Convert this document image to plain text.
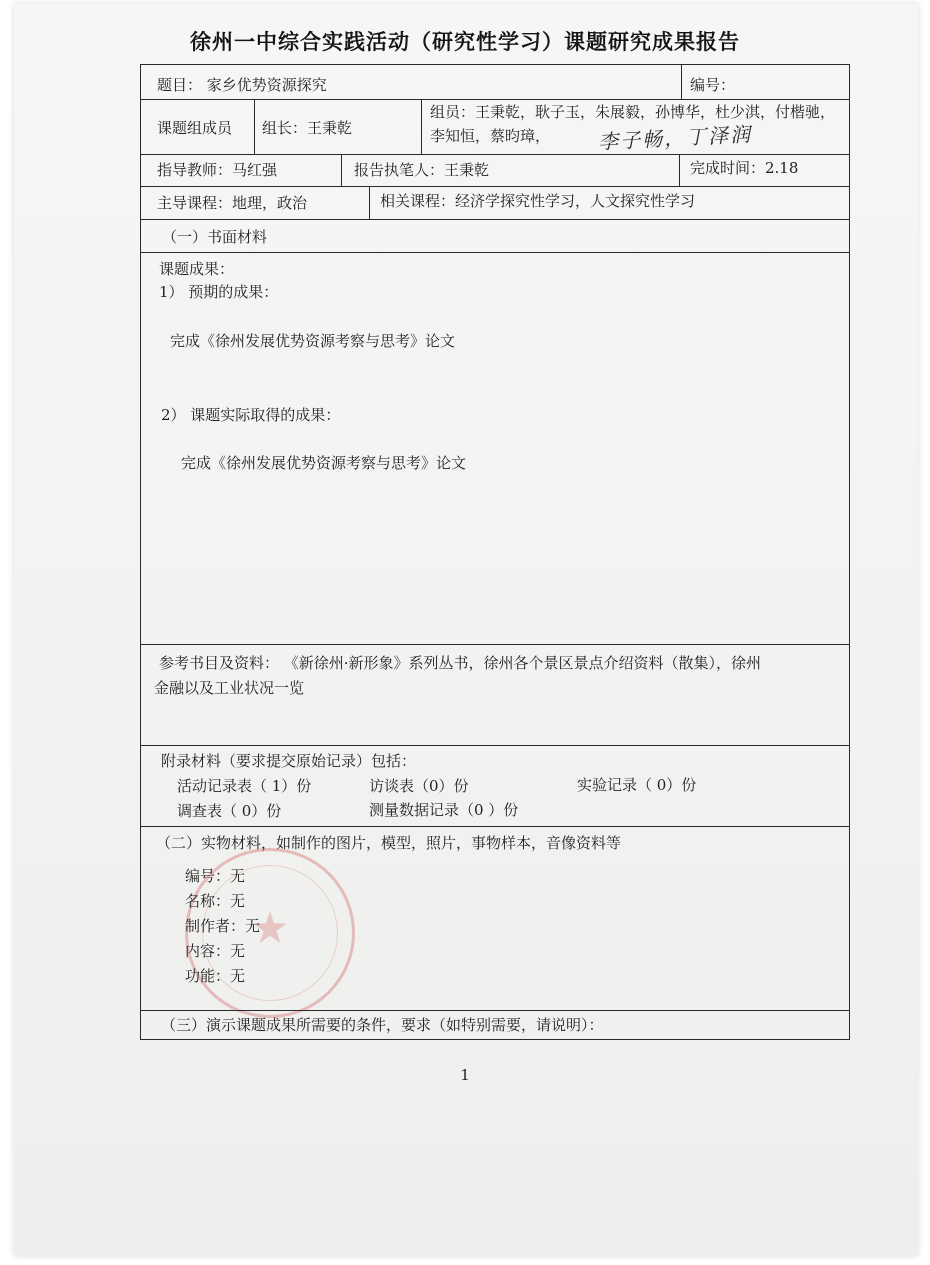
徐州一中综合实践活动（研究性学习）课题研究成果报告
★
题目： 家乡优势资源探究	编号：
课题组成员 组长：王秉乾
组员：王秉乾，耿子玉，朱展毅，孙博华，杜少淇，付楷驰，李知恒，蔡昀璋，	李子畅，丁泽润
指导教师：马红强	报告执笔人：王秉乾	完成时间：2.18
主导课程：地理，政治	相关课程：经济学探究性学习，人文探究性学习
（一）书面材料
课题成果：
1） 预期的成果：
完成《徐州发展优势资源考察与思考》论文
2） 课题实际取得的成果：
完成《徐州发展优势资源考察与思考》论文
参考书目及资料： 《新徐州·新形象》系列丛书，徐州各个景区景点介绍资料（散集），徐州
金融以及工业状况一览
附录材料（要求提交原始记录）包括：
活动记录表（ 1）份	访谈表（0）份	实验记录（ 0）份
调查表（ 0）份	测量数据记录（0 ）份
（二）实物材料，如制作的图片，模型，照片，事物样本，音像资料等
编号：无
名称：无
制作者：无
内容：无
功能：无
（三）演示课题成果所需要的条件，要求（如特别需要，请说明）：
1
